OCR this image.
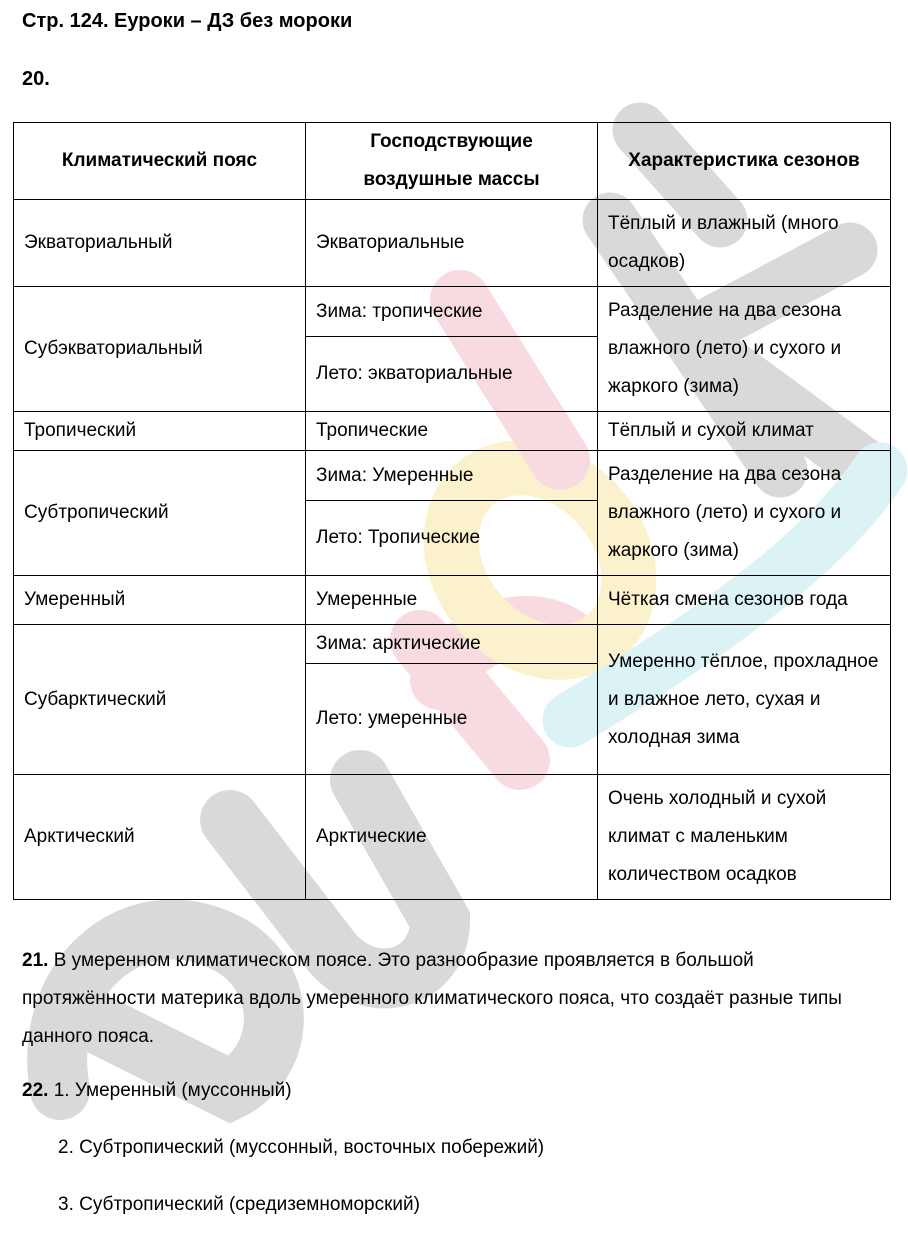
Стр. 124. Еуроки – ДЗ без мороки
20.
Климатический пояс	Господствующие воздушные массы	Характеристика сезонов
Экваториальный	Экваториальные	Тёплый и влажный (много осадков)
Субэкваториальный	Зима: тропические	Разделение на два сезона влажного (лето) и сухого и жаркого (зима)
	Лето: экваториальные	
Тропический	Тропические	Тёплый и сухой климат
Субтропический	Зима: Умеренные	Разделение на два сезона влажного (лето) и сухого и жаркого (зима)
	Лето: Тропические	
Умеренный	Умеренные	Чёткая смена сезонов года
Субарктический	Зима: арктические	Умеренно тёплое, прохладное и влажное лето, сухая и холодная зима
	Лето: умеренные	
Арктический	Арктические	Очень холодный и сухой климат с маленьким количеством осадков

21. В умеренном климатическом поясе. Это разнообразие проявляется в большой протяжённости материка вдоль умеренного климатического пояса, что создаёт разные типы данного пояса.

22. 1. Умеренный (муссонный)
2. Субтропический (муссонный, восточных побережий)
3. Субтропический (средиземноморский)
